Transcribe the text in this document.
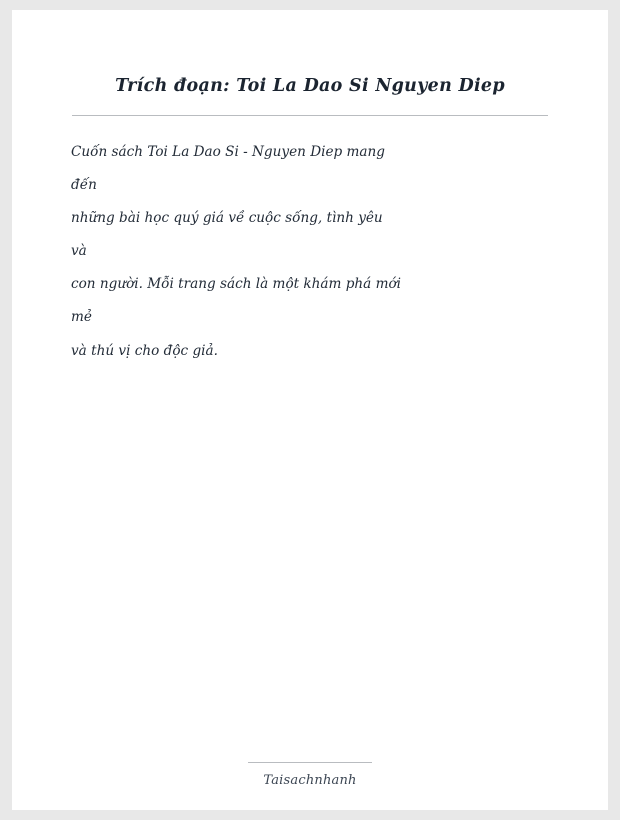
Trích đoạn: Toi La Dao Si Nguyen Diep

Cuốn sách Toi La Dao Si - Nguyen Diep mang

đến

những bài học quý giá về cuộc sống, tình yêu

và

con người. Mỗi trang sách là một khám phá mới

mẻ

và thú vị cho độc giả.

Taisachnhanh
